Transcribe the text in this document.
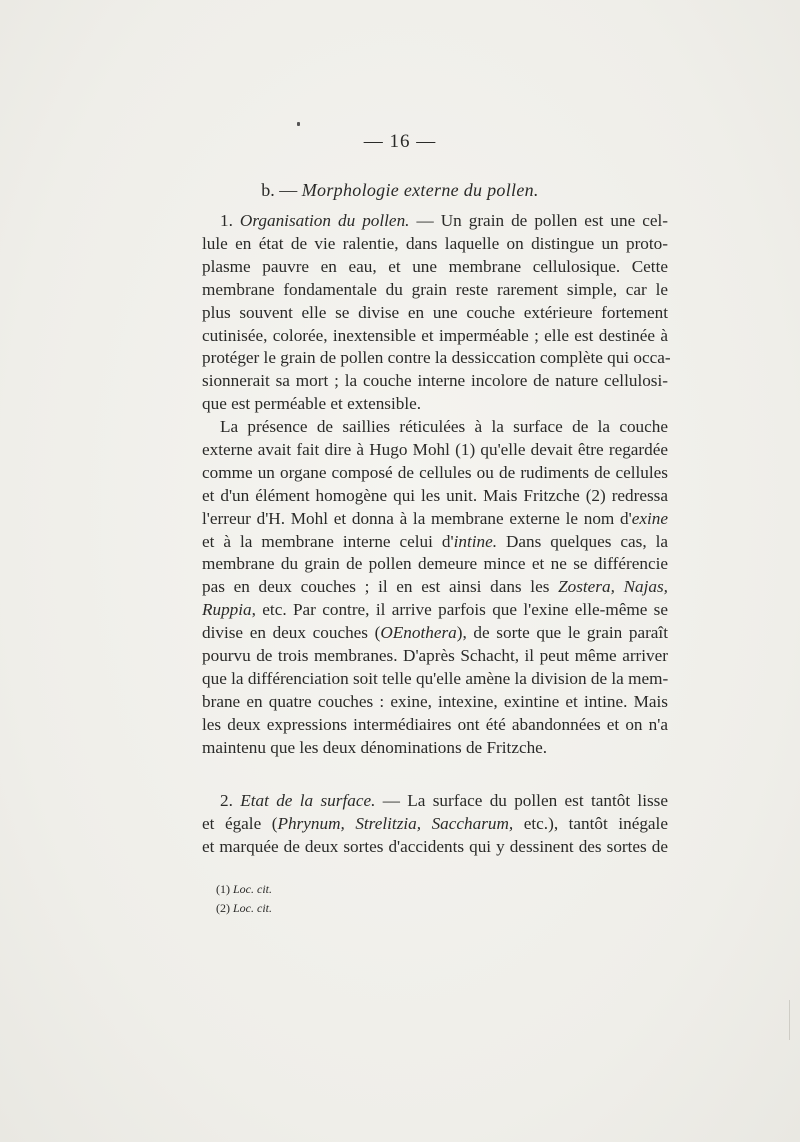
— 16 —
b. — Morphologie externe du pollen.
1. Organisation du pollen. — Un grain de pollen est une cel-
lule en état de vie ralentie, dans laquelle on distingue un proto-
plasme pauvre en eau, et une membrane cellulosique. Cette
membrane fondamentale du grain reste rarement simple, car le
plus souvent elle se divise en une couche extérieure fortement
cutinisée, colorée, inextensible et imperméable ; elle est destinée à
protéger le grain de pollen contre la dessiccation complète qui occa-
sionnerait sa mort ; la couche interne incolore de nature cellulosi-
que est perméable et extensible.
La présence de saillies réticulées à la surface de la couche
externe avait fait dire à Hugo Mohl (1) qu'elle devait être regardée
comme un organe composé de cellules ou de rudiments de cellules
et d'un élément homogène qui les unit. Mais Fritzche (2) redressa
l'erreur d'H. Mohl et donna à la membrane externe le nom d'exine
et à la membrane interne celui d'intine. Dans quelques cas, la
membrane du grain de pollen demeure mince et ne se différencie
pas en deux couches ; il en est ainsi dans les Zostera, Najas,
Ruppia, etc. Par contre, il arrive parfois que l'exine elle-même se
divise en deux couches (OEnothera), de sorte que le grain paraît
pourvu de trois membranes. D'après Schacht, il peut même arriver
que la différenciation soit telle qu'elle amène la division de la mem-
brane en quatre couches : exine, intexine, exintine et intine. Mais
les deux expressions intermédiaires ont été abandonnées et on n'a
maintenu que les deux dénominations de Fritzche.
2. Etat de la surface. — La surface du pollen est tantôt lisse
et égale (Phrynum, Strelitzia, Saccharum, etc.), tantôt inégale
et marquée de deux sortes d'accidents qui y dessinent des sortes de
(1) Loc. cit.
(2) Loc. cit.
